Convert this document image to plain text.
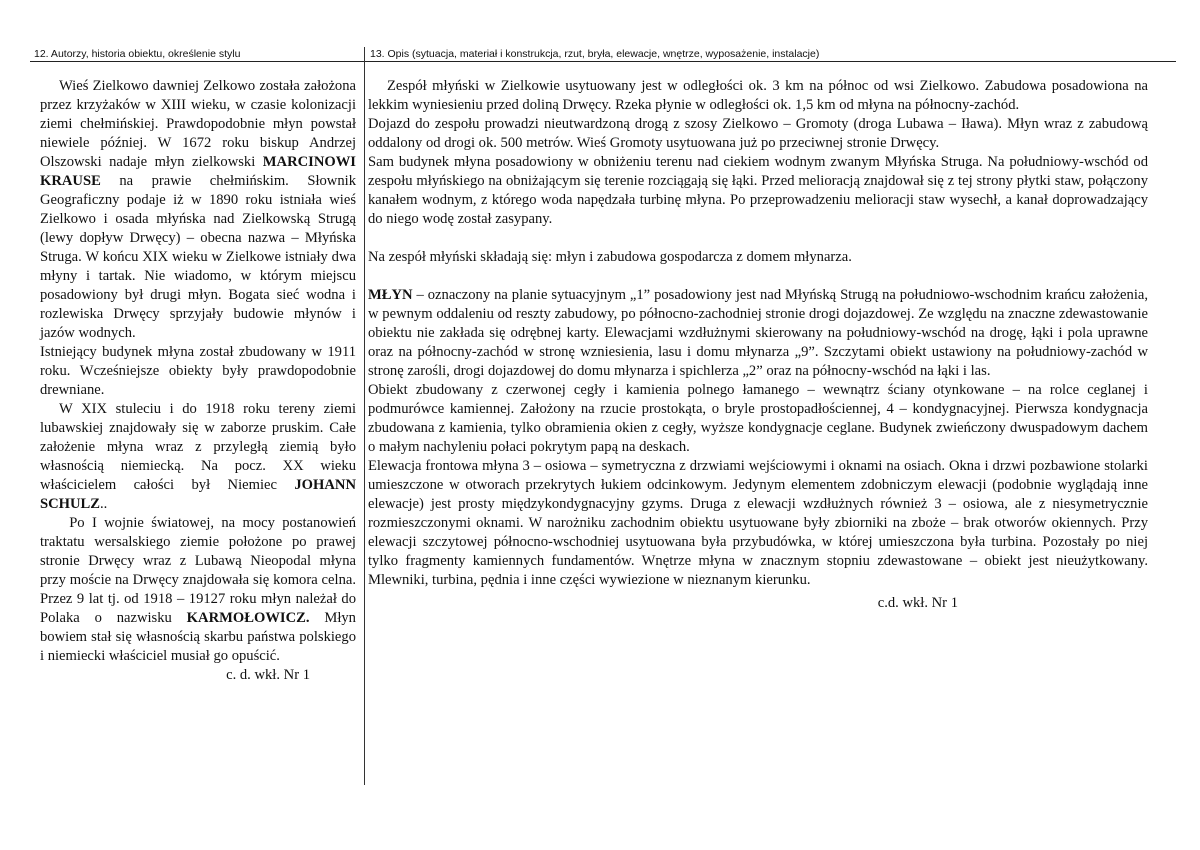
12. Autorzy, historia obiektu, określenie stylu	13. Opis (sytuacja, materiał i konstrukcja, rzut, bryła, elewacje, wnętrze, wyposażenie, instalacje)

Wieś Zielkowo dawniej Zelkowo została założona przez krzyżaków w XIII wieku, w czasie kolonizacji ziemi chełmińskiej. Prawdopodobnie młyn powstał niewiele później. W 1672 roku biskup Andrzej Olszowski nadaje młyn zielkowski MARCINOWI KRAUSE na prawie chełmińskim. Słownik Geograficzny podaje iż w 1890 roku istniała wieś Zielkowo i osada młyńska nad Zielkowską Strugą (lewy dopływ Drwęcy) – obecna nazwa – Młyńska Struga. W końcu XIX wieku w Zielkowe istniały dwa młyny i tartak. Nie wiadomo, w którym miejscu posadowiony był drugi młyn. Bogata sieć wodna i rozlewiska Drwęcy sprzyjały budowie młynów i jazów wodnych.

Istniejący budynek młyna został zbudowany w 1911 roku. Wcześniejsze obiekty były prawdopodobnie drewniane.

W XIX stuleciu i do 1918 roku tereny ziemi lubawskiej znajdowały się w zaborze pruskim. Całe założenie młyna wraz z przyległą ziemią było własnością niemiecką. Na pocz. XX wieku właścicielem całości był Niemiec JOHANN SCHULZ..

Po I wojnie światowej, na mocy postanowień traktatu wersalskiego ziemie położone po prawej stronie Drwęcy wraz z Lubawą Nieopodal młyna przy moście na Drwęcy znajdowała się komora celna. Przez 9 lat tj. od 1918 – 19127 roku młyn należał do Polaka o nazwisku KARMOŁOWICZ. Młyn bowiem stał się własnością skarbu państwa polskiego i niemiecki właściciel musiał go opuścić.

c. d. wkł. Nr 1

Zespół młyński w Zielkowie usytuowany jest w odległości ok. 3 km na północ od wsi Zielkowo. Zabudowa posadowiona na lekkim wyniesieniu przed doliną Drwęcy. Rzeka płynie w odległości ok. 1,5 km od młyna na północny-zachód.

Dojazd do zespołu prowadzi nieutwardzoną drogą z szosy Zielkowo – Gromoty (droga Lubawa – Iława). Młyn wraz z zabudową oddalony od drogi ok. 500 metrów. Wieś Gromoty usytuowana już po przeciwnej stronie Drwęcy.

Sam budynek młyna posadowiony w obniżeniu terenu nad ciekiem wodnym zwanym Młyńska Struga. Na południowy-wschód od zespołu młyńskiego na obniżającym się terenie rozciągają się łąki. Przed melioracją znajdował się z tej strony płytki staw, połączony kanałem wodnym, z którego woda napędzała turbinę młyna. Po przeprowadzeniu melioracji staw wysechł, a kanał doprowadzający do niego wodę został zasypany.

Na zespół młyński składają się: młyn i zabudowa gospodarcza z domem młynarza.

MŁYN – oznaczony na planie sytuacyjnym „1” posadowiony jest nad Młyńską Strugą na południowo-wschodnim krańcu założenia, w pewnym oddaleniu od reszty zabudowy, po północno-zachodniej stronie drogi dojazdowej. Ze względu na znaczne zdewastowanie obiektu nie zakłada się odrębnej karty. Elewacjami wzdłużnymi skierowany na południowy-wschód na drogę, łąki i pola uprawne oraz na północny-zachód w stronę wzniesienia, lasu i domu młynarza „9”. Szczytami obiekt ustawiony na południowy-zachód w stronę zarośli, drogi dojazdowej do domu młynarza i spichlerza „2” oraz na północny-wschód na łąki i las.

Obiekt zbudowany z czerwonej cegły i kamienia polnego łamanego – wewnątrz ściany otynkowane – na rolce ceglanej i podmurówce kamiennej. Założony na rzucie prostokąta, o bryle prostopadłościennej, 4 – kondygnacyjnej. Pierwsza kondygnacja zbudowana z kamienia, tylko obramienia okien z cegły, wyższe kondygnacje ceglane. Budynek zwieńczony dwuspadowym dachem o małym nachyleniu połaci pokrytym papą na deskach.

Elewacja frontowa młyna 3 – osiowa – symetryczna z drzwiami wejściowymi i oknami na osiach. Okna i drzwi pozbawione stolarki umieszczone w otworach przekrytych łukiem odcinkowym. Jedynym elementem zdobniczym elewacji (podobnie wyglądają inne elewacje) jest prosty międzykondygnacyjny gzyms. Druga z elewacji wzdłużnych również 3 – osiowa, ale z niesymetrycznie rozmieszczonymi oknami. W narożniku zachodnim obiektu usytuowane były zbiorniki na zboże – brak otworów okiennych. Przy elewacji szczytowej północno-wschodniej usytuowana była przybudówka, w której umieszczona była turbina. Pozostały po niej tylko fragmenty kamiennych fundamentów. Wnętrze młyna w znacznym stopniu zdewastowane – obiekt jest nieużytkowany. Mlewniki, turbina, pędnia i inne części wywiezione w nieznanym kierunku.

c.d. wkł. Nr 1
